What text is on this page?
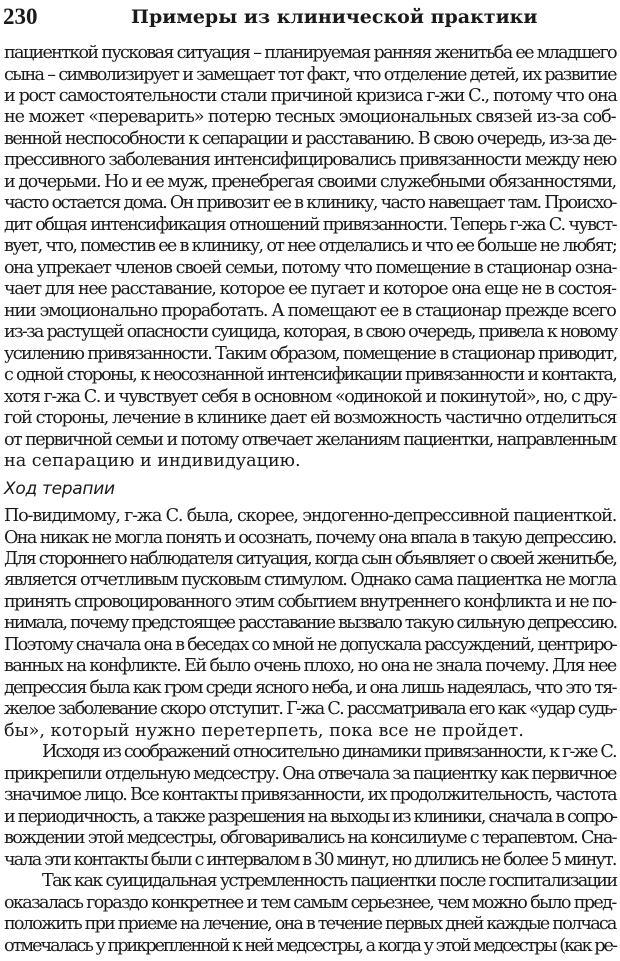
230	Примеры из клинической практики
пациенткой пусковая ситуация – планируемая ранняя женитьба ее младшего
сына – символизирует и замещает тот факт, что отделение детей, их развитие
и рост самостоятельности стали причиной кризиса г-жи С., потому что она
не может «переварить» потерю тесных эмоциональных связей из-за соб-
венной неспособности к сепарации и расставанию. В свою очередь, из-за де-
прессивного заболевания интенсифицировались привязанности между нею
и дочерьми. Но и ее муж, пренебрегая своими служебными обязанностями,
часто остается дома. Он привозит ее в клинику, часто навещает там. Происхо-
дит общая интенсификация отношений привязанности. Теперь г-жа С. чувст-
вует, что, поместив ее в клинику, от нее отделались и что ее больше не любят;
она упрекает членов своей семьи, потому что помещение в стационар озна-
чает для нее расставание, которое ее пугает и которое она еще не в состоя-
нии эмоционально проработать. А помещают ее в стационар прежде всего
из-за растущей опасности суицида, которая, в свою очередь, привела к новому
усилению привязанности. Таким образом, помещение в стационар приводит,
с одной стороны, к неосознанной интенсификации привязанности и контакта,
хотя г-жа С. и чувствует себя в основном «одинокой и покинутой», но, с дру-
гой стороны, лечение в клинике дает ей возможность частично отделиться
от первичной семьи и потому отвечает желаниям пациентки, направленным
на сепарацию и индивидуацию.
Ход терапии
По-видимому, г-жа С. была, скорее, эндогенно-депрессивной пациенткой.
Она никак не могла понять и осознать, почему она впала в такую депрессию.
Для стороннего наблюдателя ситуация, когда сын объявляет о своей женитьбе,
является отчетливым пусковым стимулом. Однако сама пациентка не могла
принять спровоцированного этим событием внутреннего конфликта и не по-
нимала, почему предстоящее расставание вызвало такую сильную депрессию.
Поэтому сначала она в беседах со мной не допускала рассуждений, центриро-
ванных на конфликте. Ей было очень плохо, но она не знала почему. Для нее
депрессия была как гром среди ясного неба, и она лишь надеялась, что это тя-
желое заболевание скоро отступит. Г-жа С. рассматривала его как «удар судь-
бы», который нужно перетерпеть, пока все не пройдет.
Исходя из соображений относительно динамики привязанности, к г-же С.
прикрепили отдельную медсестру. Она отвечала за пациентку как первичное
значимое лицо. Все контакты привязанности, их продолжительность, частота
и периодичность, а также разрешения на выходы из клиники, сначала в сопро-
вождении этой медсестры, обговаривались на консилиуме с терапевтом. Сна-
чала эти контакты были с интервалом в 30 минут, но длились не более 5 минут.
Так как суицидальная устремленность пациентки после госпитализации
оказалась гораздо конкретнее и тем самым серьезнее, чем можно было пред-
положить при приеме на лечение, она в течение первых дней каждые полчаса
отмечалась у прикрепленной к ней медсестры, а когда у этой медсестры (как ре-
